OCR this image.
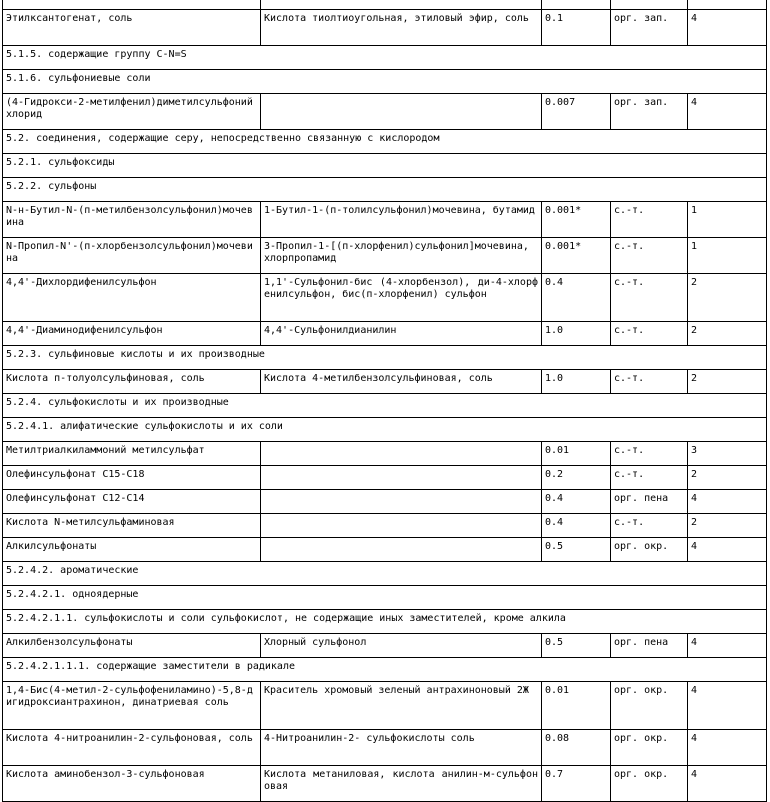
Этилксантогенат, соль	Кислота тиолтиоугольная, этиловый эфир, соль	0.1	орг. зап.	4
5.1.5. содержащие группу C-N=S				
5.1.6. сульфониевые соли				
(4-Гидрокси-2-метилфенил)диметилсульфоний хлорид		0.007	орг. зап.	4
5.2. соединения, содержащие серу, непосредственно связанную с кислородом				
5.2.1. сульфоксиды				
5.2.2. сульфоны				
N-н-Бутил-N-(п-метилбензолсульфонил)мочевина	1-Бутил-1-(п-толилсульфонил)мочевина, бутамид	0.001*	с.-т.	1
N-Пропил-N'-(п-хлорбензолсульфонил)мочевина	3-Пропил-1-[(п-хлорфенил)сульфонил]мочевина, хлорпропамид	0.001*	с.-т.	1
4,4'-Дихлордифенилсульфон	1,1'-Сульфонил-бис (4-хлорбензол), ди-4-хлорфенилсульфон, бис(п-хлорфенил) сульфон	0.4	с.-т.	2
4,4'-Диаминодифенилсульфон	4,4'-Сульфонилдианилин	1.0	с.-т.	2
5.2.3. сульфиновые кислоты и их производные				
Кислота п-толуолсульфиновая, соль	Кислота 4-метилбензолсульфиновая, соль	1.0	с.-т.	2
5.2.4. сульфокислоты и их производные				
5.2.4.1. алифатические сульфокислоты и их соли				
Метилтриалкиламмоний метилсульфат		0.01	с.-т.	3
Олефинсульфонат C15-C18		0.2	с.-т.	2
Олефинсульфонат C12-C14		0.4	орг. пена	4
Кислота N-метилсульфаминовая		0.4	с.-т.	2
Алкилсульфонаты		0.5	орг. окр.	4
5.2.4.2. ароматические				
5.2.4.2.1. одноядерные				
5.2.4.2.1.1. сульфокислоты и соли сульфокислот, не содержащие иных заместителей, кроме алкила				
Алкилбензолсульфонаты	Хлорный сульфонол	0.5	орг. пена	4
5.2.4.2.1.1.1. содержащие заместители в радикале				
1,4-Бис(4-метил-2-сульфофениламино)-5,8-дигидроксиантрахинон, динатриевая соль	Краситель хромовый зеленый антрахиноновый 2Ж	0.01	орг. окр.	4
Кислота 4-нитроанилин-2-сульфоновая, соль	4-Нитроанилин-2- сульфокислоты соль	0.08	орг. окр.	4
Кислота аминобензол-3-сульфоновая	Кислота метаниловая, кислота анилин-м-сульфоновая	0.7	орг. окр.	4
